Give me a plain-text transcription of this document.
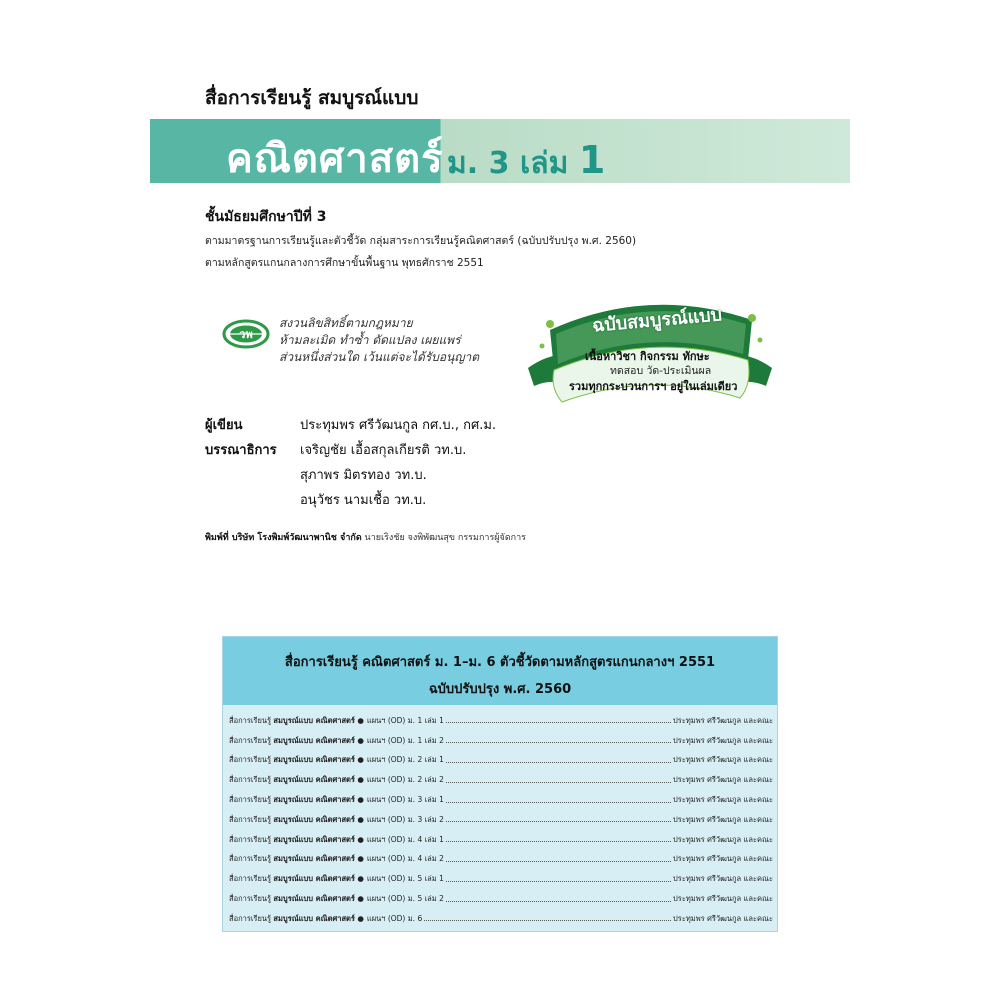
สื่อการเรียนรู้ สมบูรณ์แบบ
คณิตศาสตร์ ม. 3 เล่ม 1
ชั้นมัธยมศึกษาปีที่ 3
ตามมาตรฐานการเรียนรู้และตัวชี้วัด กลุ่มสาระการเรียนรู้คณิตศาสตร์ (ฉบับปรับปรุง พ.ศ. 2560)
ตามหลักสูตรแกนกลางการศึกษาขั้นพื้นฐาน พุทธศักราช 2551
วพ
สงวนลิขสิทธิ์ตามกฎหมาย
ห้ามละเมิด ทำซ้ำ ดัดแปลง เผยแพร่
ส่วนหนึ่งส่วนใด เว้นแต่จะได้รับอนุญาต
ฉบับสมบูรณ์แบบ
เนื้อหาวิชา กิจกรรม ทักษะ
ทดสอบ วัด-ประเมินผล
รวมทุกกระบวนการฯ อยู่ในเล่มเดียว
ผู้เขียน	ประทุมพร ศรีวัฒนกูล กศ.บ., กศ.ม.
บรรณาธิการ เจริญชัย เอื้อสกุลเกียรติ วท.บ.
สุภาพร มิตรทอง วท.บ.
อนุวัชร นามเชื้อ วท.บ.
พิมพ์ที่ บริษัท โรงพิมพ์วัฒนาพานิช จำกัด นายเริงชัย จงพิพัฒนสุข กรรมการผู้จัดการ
สื่อการเรียนรู้ คณิตศาสตร์ ม. 1–ม. 6 ตัวชี้วัดตามหลักสูตรแกนกลางฯ 2551
ฉบับปรับปรุง พ.ศ. 2560
สื่อการเรียนรู้ สมบูรณ์แบบ คณิตศาสตร์ ● แผนฯ (OD) ม. 1 เล่ม 1	ประทุมพร ศรีวัฒนกูล และคณะ
สื่อการเรียนรู้ สมบูรณ์แบบ คณิตศาสตร์ ● แผนฯ (OD) ม. 1 เล่ม 2	ประทุมพร ศรีวัฒนกูล และคณะ
สื่อการเรียนรู้ สมบูรณ์แบบ คณิตศาสตร์ ● แผนฯ (OD) ม. 2 เล่ม 1	ประทุมพร ศรีวัฒนกูล และคณะ
สื่อการเรียนรู้ สมบูรณ์แบบ คณิตศาสตร์ ● แผนฯ (OD) ม. 2 เล่ม 2	ประทุมพร ศรีวัฒนกูล และคณะ
สื่อการเรียนรู้ สมบูรณ์แบบ คณิตศาสตร์ ● แผนฯ (OD) ม. 3 เล่ม 1	ประทุมพร ศรีวัฒนกูล และคณะ
สื่อการเรียนรู้ สมบูรณ์แบบ คณิตศาสตร์ ● แผนฯ (OD) ม. 3 เล่ม 2	ประทุมพร ศรีวัฒนกูล และคณะ
สื่อการเรียนรู้ สมบูรณ์แบบ คณิตศาสตร์ ● แผนฯ (OD) ม. 4 เล่ม 1	ประทุมพร ศรีวัฒนกูล และคณะ
สื่อการเรียนรู้ สมบูรณ์แบบ คณิตศาสตร์ ● แผนฯ (OD) ม. 4 เล่ม 2	ประทุมพร ศรีวัฒนกูล และคณะ
สื่อการเรียนรู้ สมบูรณ์แบบ คณิตศาสตร์ ● แผนฯ (OD) ม. 5 เล่ม 1	ประทุมพร ศรีวัฒนกูล และคณะ
สื่อการเรียนรู้ สมบูรณ์แบบ คณิตศาสตร์ ● แผนฯ (OD) ม. 5 เล่ม 2	ประทุมพร ศรีวัฒนกูล และคณะ
สื่อการเรียนรู้ สมบูรณ์แบบ คณิตศาสตร์ ● แผนฯ (OD) ม. 6	ประทุมพร ศรีวัฒนกูล และคณะ
